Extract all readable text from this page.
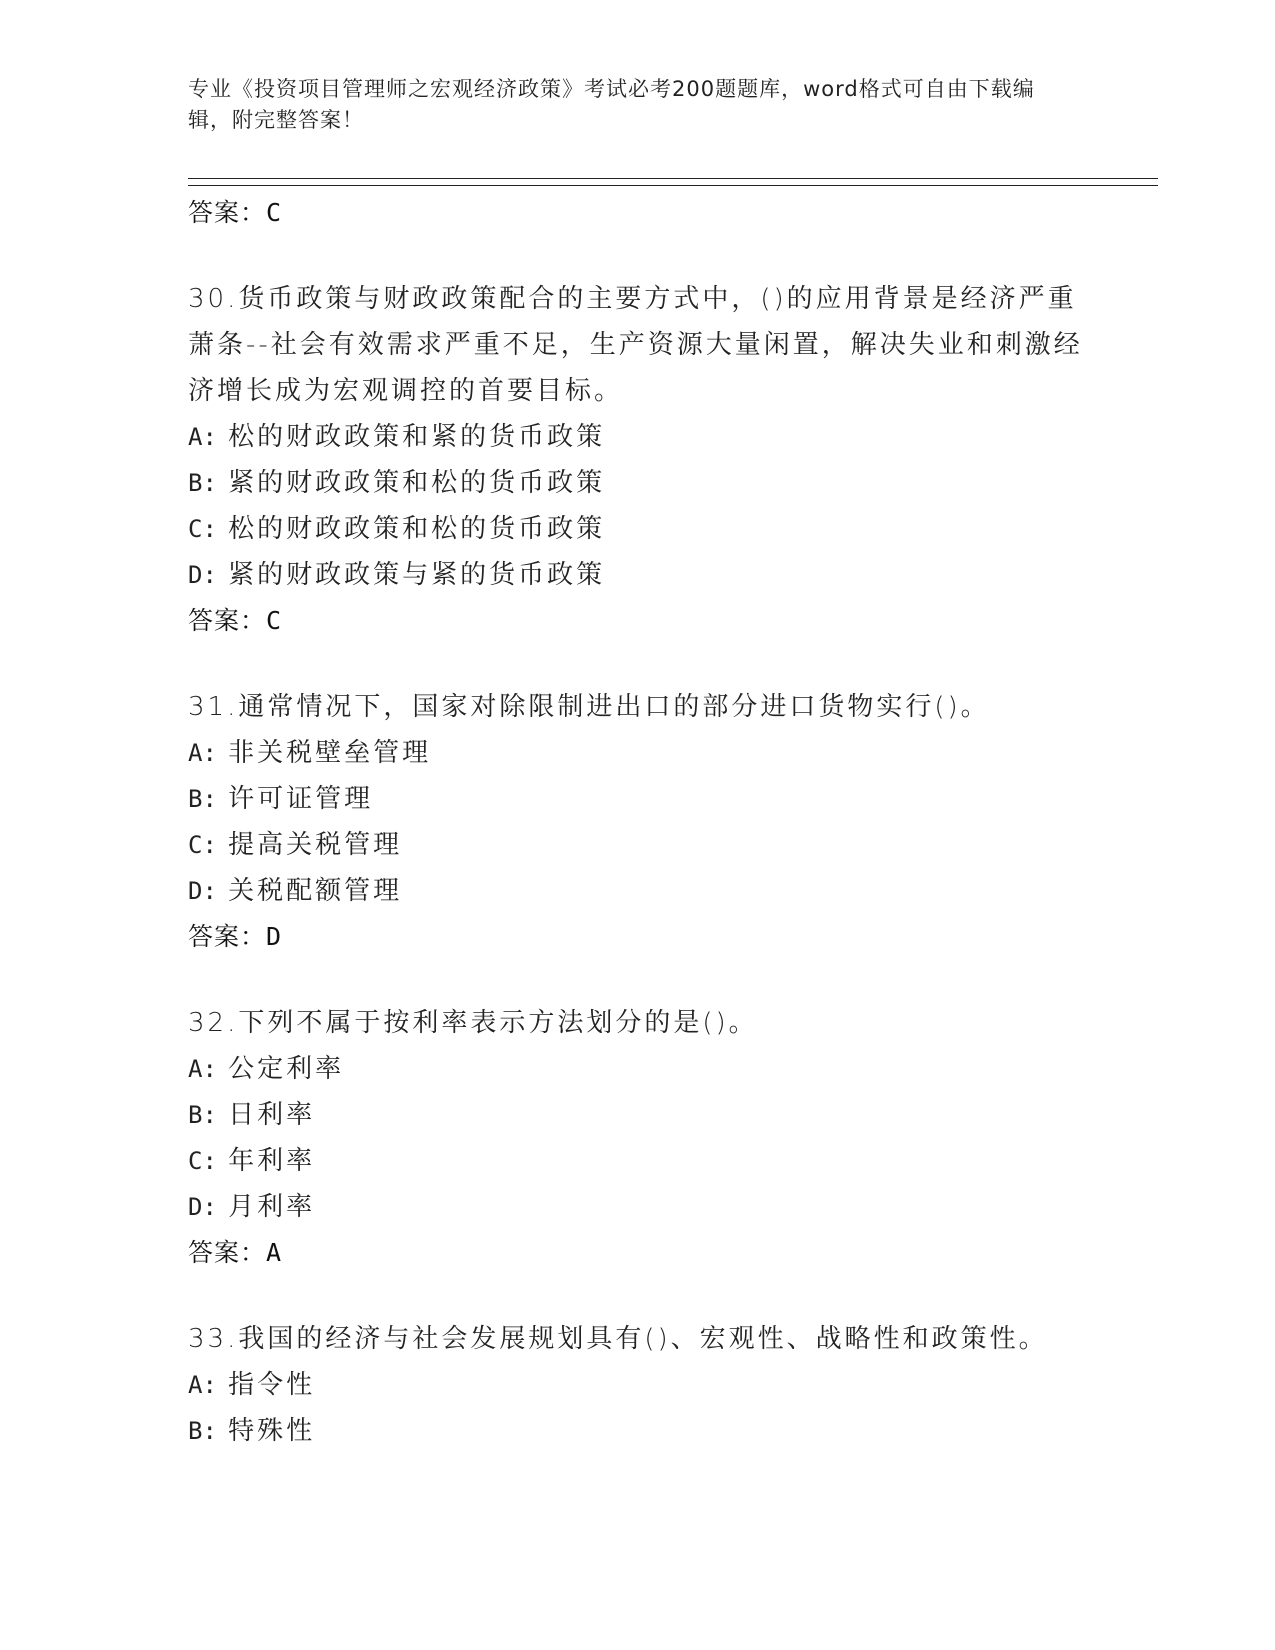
专业《投资项目管理师之宏观经济政策》考试必考200题题库，word格式可自由下载编辑，附完整答案！

答案：C

30.货币政策与财政政策配合的主要方式中，()的应用背景是经济严重萧条--社会有效需求严重不足，生产资源大量闲置，解决失业和刺激经济增长成为宏观调控的首要目标。

A: 松的财政政策和紧的货币政策

B: 紧的财政政策和松的货币政策

C: 松的财政政策和松的货币政策

D: 紧的财政政策与紧的货币政策

答案：C

31.通常情况下，国家对除限制进出口的部分进口货物实行()。

A: 非关税壁垒管理

B: 许可证管理

C: 提高关税管理

D: 关税配额管理

答案：D

32.下列不属于按利率表示方法划分的是()。

A: 公定利率

B: 日利率

C: 年利率

D: 月利率

答案：A

33.我国的经济与社会发展规划具有()、宏观性、战略性和政策性。

A: 指令性

B: 特殊性
